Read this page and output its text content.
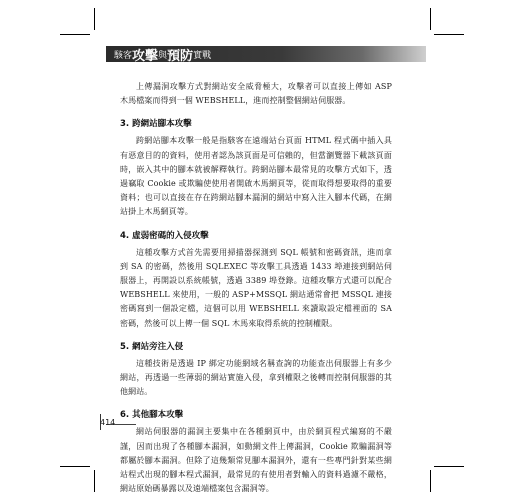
駭客 攻擊 與 預防 實戰

上傳漏洞攻擊方式對網站安全威脅極大，攻擊者可以直接上傳如 ASP 木馬檔案而得到一個 WEBSHELL，進而控制整個網站伺服器。

3. 跨網站腳本攻擊

跨網站腳本攻擊一般是指駭客在遠端站台頁面 HTML 程式碼中插入具有惡意目的的資料，使用者認為該頁面是可信賴的，但當瀏覽器下載該頁面時，嵌入其中的腳本就被解釋執行。跨網站腳本最常見的攻擊方式如下，透過竊取 Cookie 或欺騙使使用者開啟木馬網頁等，從而取得想要取得的重要資料；也可以直接在存在跨網站腳本漏洞的網站中寫入注入腳本代碼，在網站掛上木馬網頁等。

4. 虛弱密碼的入侵攻擊

這種攻擊方式首先需要用掃描器探測到 SQL 帳號和密碼資訊，進而拿到 SA 的密碼，然後用 SQLEXEC 等攻擊工具透過 1433 埠連接到網站伺服器上，再開設以系統帳號，透過 3389 埠登錄。這種攻擊方式還可以配合 WEBSHELL 來使用，一般的 ASP+MSSQL 網站通常會把 MSSQL 連接密碼寫到一個設定檔，這個可以用 WEBSHELL 來讀取設定檔裡面的 SA 密碼，然後可以上傳一個 SQL 木馬來取得系統的控制權限。

5. 網站旁注入侵

這種技術是透過 IP 綁定功能網域名稱查詢的功能查出伺服器上有多少網站，再透過一些薄弱的網站實施入侵，拿到權限之後轉而控制伺服器的其他網站。

6. 其他腳本攻擊

網站伺服器的漏洞主要集中在各種網頁中，由於網頁程式編寫的不嚴謹，因而出現了各種腳本漏洞，如動網文件上傳漏洞，Cookie 欺騙漏洞等都屬於腳本漏洞。但除了這幾類常見腳本漏洞外，還有一些專門針對某些網站程式出現的腳本程式漏洞，最常見的有使用者對輸入的資料過濾不嚴格，網站原始碼暴露以及遠端檔案包含漏洞等。

414
